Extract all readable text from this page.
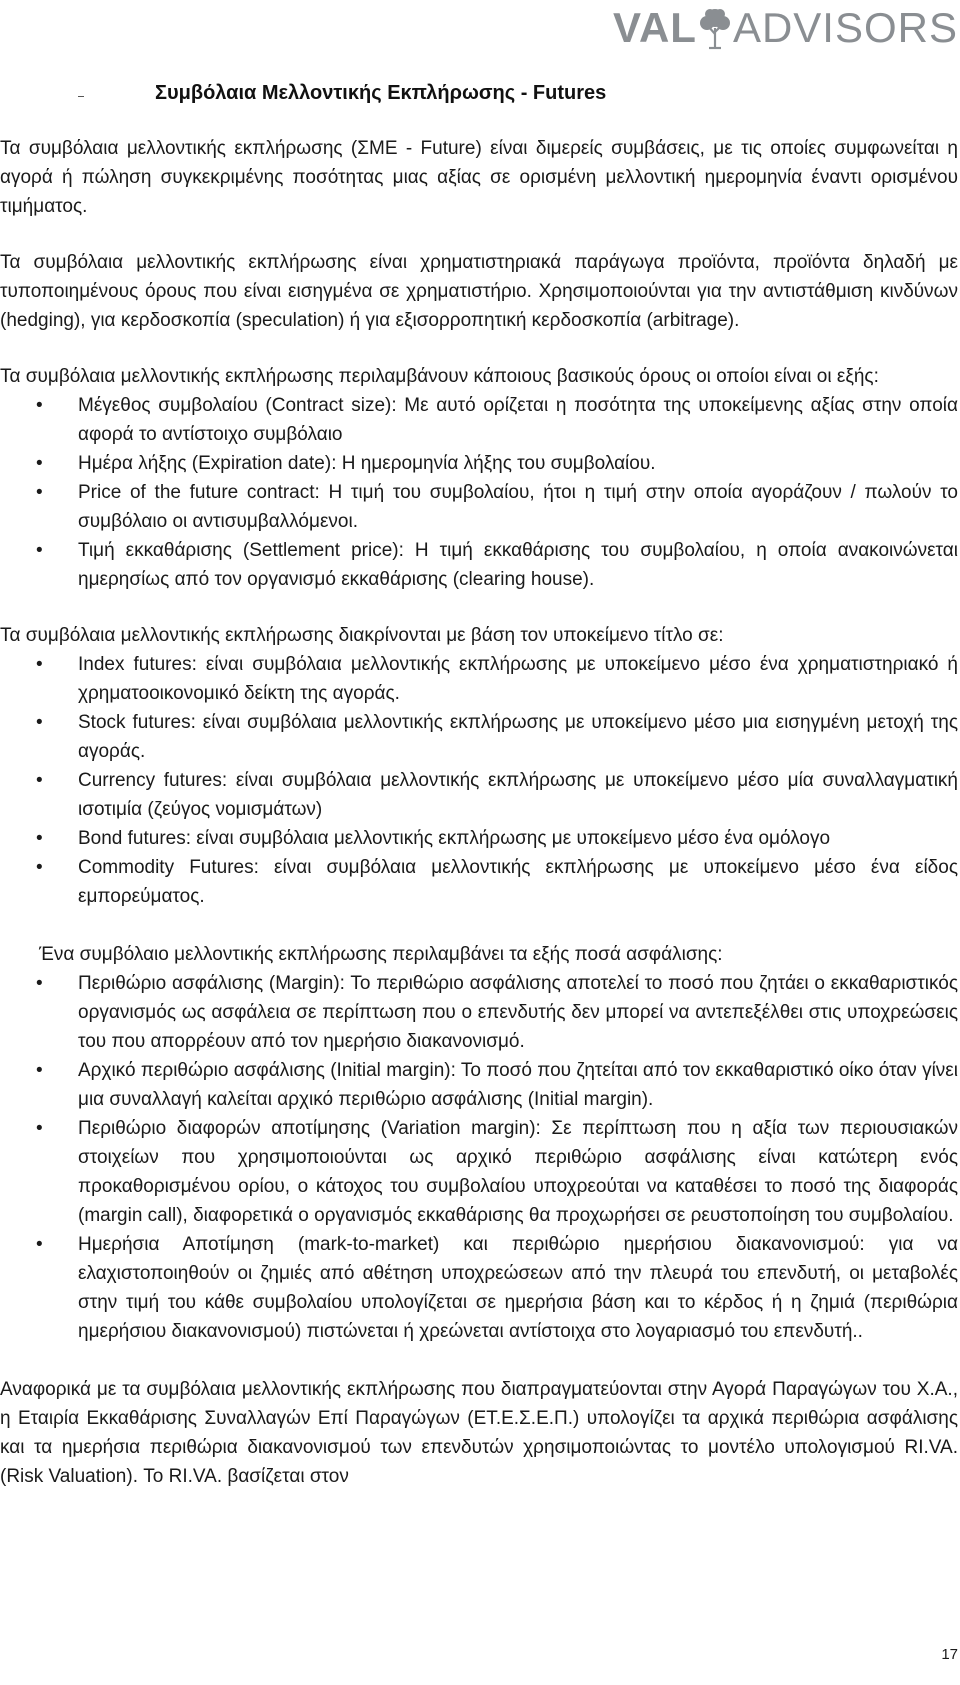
VAL ADVISORS
Συμβόλαια Μελλοντικής Εκπλήρωσης - Futures

Τα συμβόλαια μελλοντικής εκπλήρωσης (ΣΜΕ - Future) είναι διμερείς συμβάσεις, με τις οποίες συμφωνείται η αγορά ή πώληση συγκεκριμένης ποσότητας μιας αξίας σε ορισμένη μελλοντική ημερομηνία έναντι ορισμένου τιμήματος.

Τα συμβόλαια μελλοντικής εκπλήρωσης είναι χρηματιστηριακά παράγωγα προϊόντα, προϊόντα δηλαδή με τυποποιημένους όρους που είναι εισηγμένα σε χρηματιστήριο. Χρησιμοποιούνται για την αντιστάθμιση κινδύνων (hedging), για κερδοσκοπία (speculation) ή για εξισορροπητική κερδοσκοπία (arbitrage).

Τα συμβόλαια μελλοντικής εκπλήρωσης περιλαμβάνουν κάποιους βασικούς όρους οι οποίοι είναι οι εξής:

• Μέγεθος συμβολαίου (Contract size): Με αυτό ορίζεται η ποσότητα της υποκείμενης αξίας στην οποία αφορά το αντίστοιχο συμβόλαιο
• Ημέρα λήξης (Expiration date): Η ημερομηνία λήξης του συμβολαίου.
• Price of the future contract: Η τιμή του συμβολαίου, ήτοι η τιμή στην οποία αγοράζουν / πωλούν το συμβόλαιο οι αντισυμβαλλόμενοι.
• Τιμή εκκαθάρισης (Settlement price): Η τιμή εκκαθάρισης του συμβολαίου, η οποία ανακοινώνεται ημερησίως από τον οργανισμό εκκαθάρισης (clearing house).

Τα συμβόλαια μελλοντικής εκπλήρωσης διακρίνονται με βάση τον υποκείμενο τίτλο σε:

• Index futures: είναι συμβόλαια μελλοντικής εκπλήρωσης με υποκείμενο μέσο ένα χρηματιστηριακό ή χρηματοοικονομικό δείκτη της αγοράς.
• Stock futures: είναι συμβόλαια μελλοντικής εκπλήρωσης με υποκείμενο μέσο μια εισηγμένη μετοχή της αγοράς.
• Currency futures: είναι συμβόλαια μελλοντικής εκπλήρωσης με υποκείμενο μέσο μία συναλλαγματική ισοτιμία (ζεύγος νομισμάτων)
• Bond futures: είναι συμβόλαια μελλοντικής εκπλήρωσης με υποκείμενο μέσο ένα ομόλογο
• Commodity Futures: είναι συμβόλαια μελλοντικής εκπλήρωσης με υποκείμενο μέσο ένα είδος εμπορεύματος.

Ένα συμβόλαιο μελλοντικής εκπλήρωσης περιλαμβάνει τα εξής ποσά ασφάλισης:

• Περιθώριο ασφάλισης (Margin): Το περιθώριο ασφάλισης αποτελεί το ποσό που ζητάει ο εκκαθαριστικός οργανισμός ως ασφάλεια σε περίπτωση που ο επενδυτής δεν μπορεί να αντεπεξέλθει στις υποχρεώσεις του που απορρέουν από τον ημερήσιο διακανονισμό.
• Αρχικό περιθώριο ασφάλισης (Initial margin): Το ποσό που ζητείται από τον εκκαθαριστικό οίκο όταν γίνει μια συναλλαγή καλείται αρχικό περιθώριο ασφάλισης (Initial margin).
• Περιθώριο διαφορών αποτίμησης (Variation margin): Σε περίπτωση που η αξία των περιουσιακών στοιχείων που χρησιμοποιούνται ως αρχικό περιθώριο ασφάλισης είναι κατώτερη ενός προκαθορισμένου ορίου, ο κάτοχος του συμβολαίου υποχρεούται να καταθέσει το ποσό της διαφοράς (margin call), διαφορετικά ο οργανισμός εκκαθάρισης θα προχωρήσει σε ρευστοποίηση του συμβολαίου.
• Ημερήσια Αποτίμηση (mark-to-market) και περιθώριο ημερήσιου διακανονισμού: για να ελαχιστοποιηθούν οι ζημιές από αθέτηση υποχρεώσεων από την πλευρά του επενδυτή, οι μεταβολές στην τιμή του κάθε συμβολαίου υπολογίζεται σε ημερήσια βάση και το κέρδος ή η ζημιά (περιθώρια ημερήσιου διακανονισμού) πιστώνεται ή χρεώνεται αντίστοιχα στο λογαριασμό του επενδυτή..

Αναφορικά με τα συμβόλαια μελλοντικής εκπλήρωσης που διαπραγματεύονται στην Αγορά Παραγώγων του Χ.Α., η Εταιρία Εκκαθάρισης Συναλλαγών Επί Παραγώγων (ΕΤ.Ε.Σ.Ε.Π.) υπολογίζει τα αρχικά περιθώρια ασφάλισης και τα ημερήσια περιθώρια διακανονισμού των επενδυτών χρησιμοποιώντας το μοντέλο υπολογισμού RI.VA. (Risk Valuation). Το RI.VA. βασίζεται στον

17
